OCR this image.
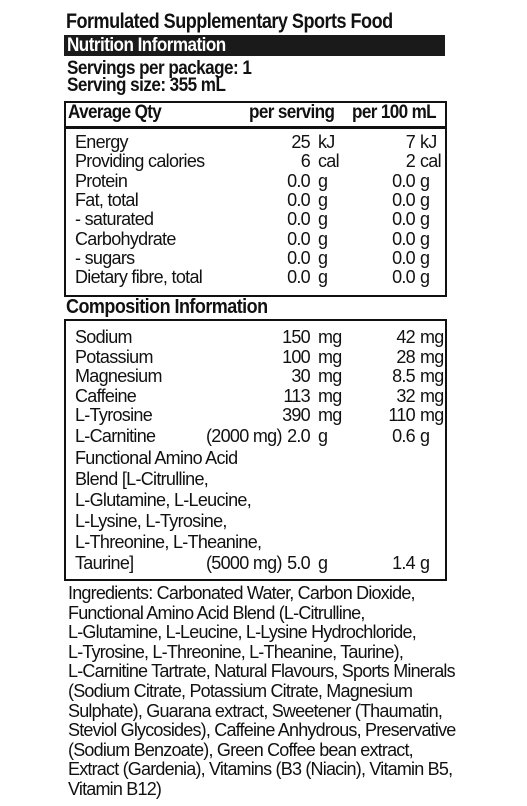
Formulated Supplementary Sports Food
Nutrition Information
Servings per package: 1
Serving size: 355 mL
Average Qty	per serving per 100 mL
Energy	25 kJ	7 kJ
Providing calories	6 cal	2 cal
Protein	0.0 g	0.0 g
Fat, total	0.0 g	0.0 g
- saturated	0.0 g	0.0 g
Carbohydrate	0.0 g	0.0 g
- sugars	0.0 g	0.0 g
Dietary fibre, total	0.0 g	0.0 g
Composition Information
Sodium	150 mg	42 mg
Potassium	100 mg	28 mg
Magnesium	30 mg	8.5 mg
Caffeine	113 mg	32 mg
L-Tyrosine	390 mg	110 mg
L-Carnitine	(2000 mg) 2.0 g	0.6 g
Functional Amino Acid
Blend [L-Citrulline,
L-Glutamine, L-Leucine,
L-Lysine, L-Tyrosine,
L-Threonine, L-Theanine,
Taurine]	(5000 mg) 5.0 g	1.4 g
Ingredients: Carbonated Water, Carbon Dioxide,
Functional Amino Acid Blend (L-Citrulline,
L-Glutamine, L-Leucine, L-Lysine Hydrochloride,
L-Tyrosine, L-Threonine, L-Theanine, Taurine),
L-Carnitine Tartrate, Natural Flavours, Sports Minerals
(Sodium Citrate, Potassium Citrate, Magnesium
Sulphate), Guarana extract, Sweetener (Thaumatin,
Steviol Glycosides), Caffeine Anhydrous, Preservative
(Sodium Benzoate), Green Coffee bean extract,
Extract (Gardenia), Vitamins (B3 (Niacin), Vitamin B5,
Vitamin B12)
